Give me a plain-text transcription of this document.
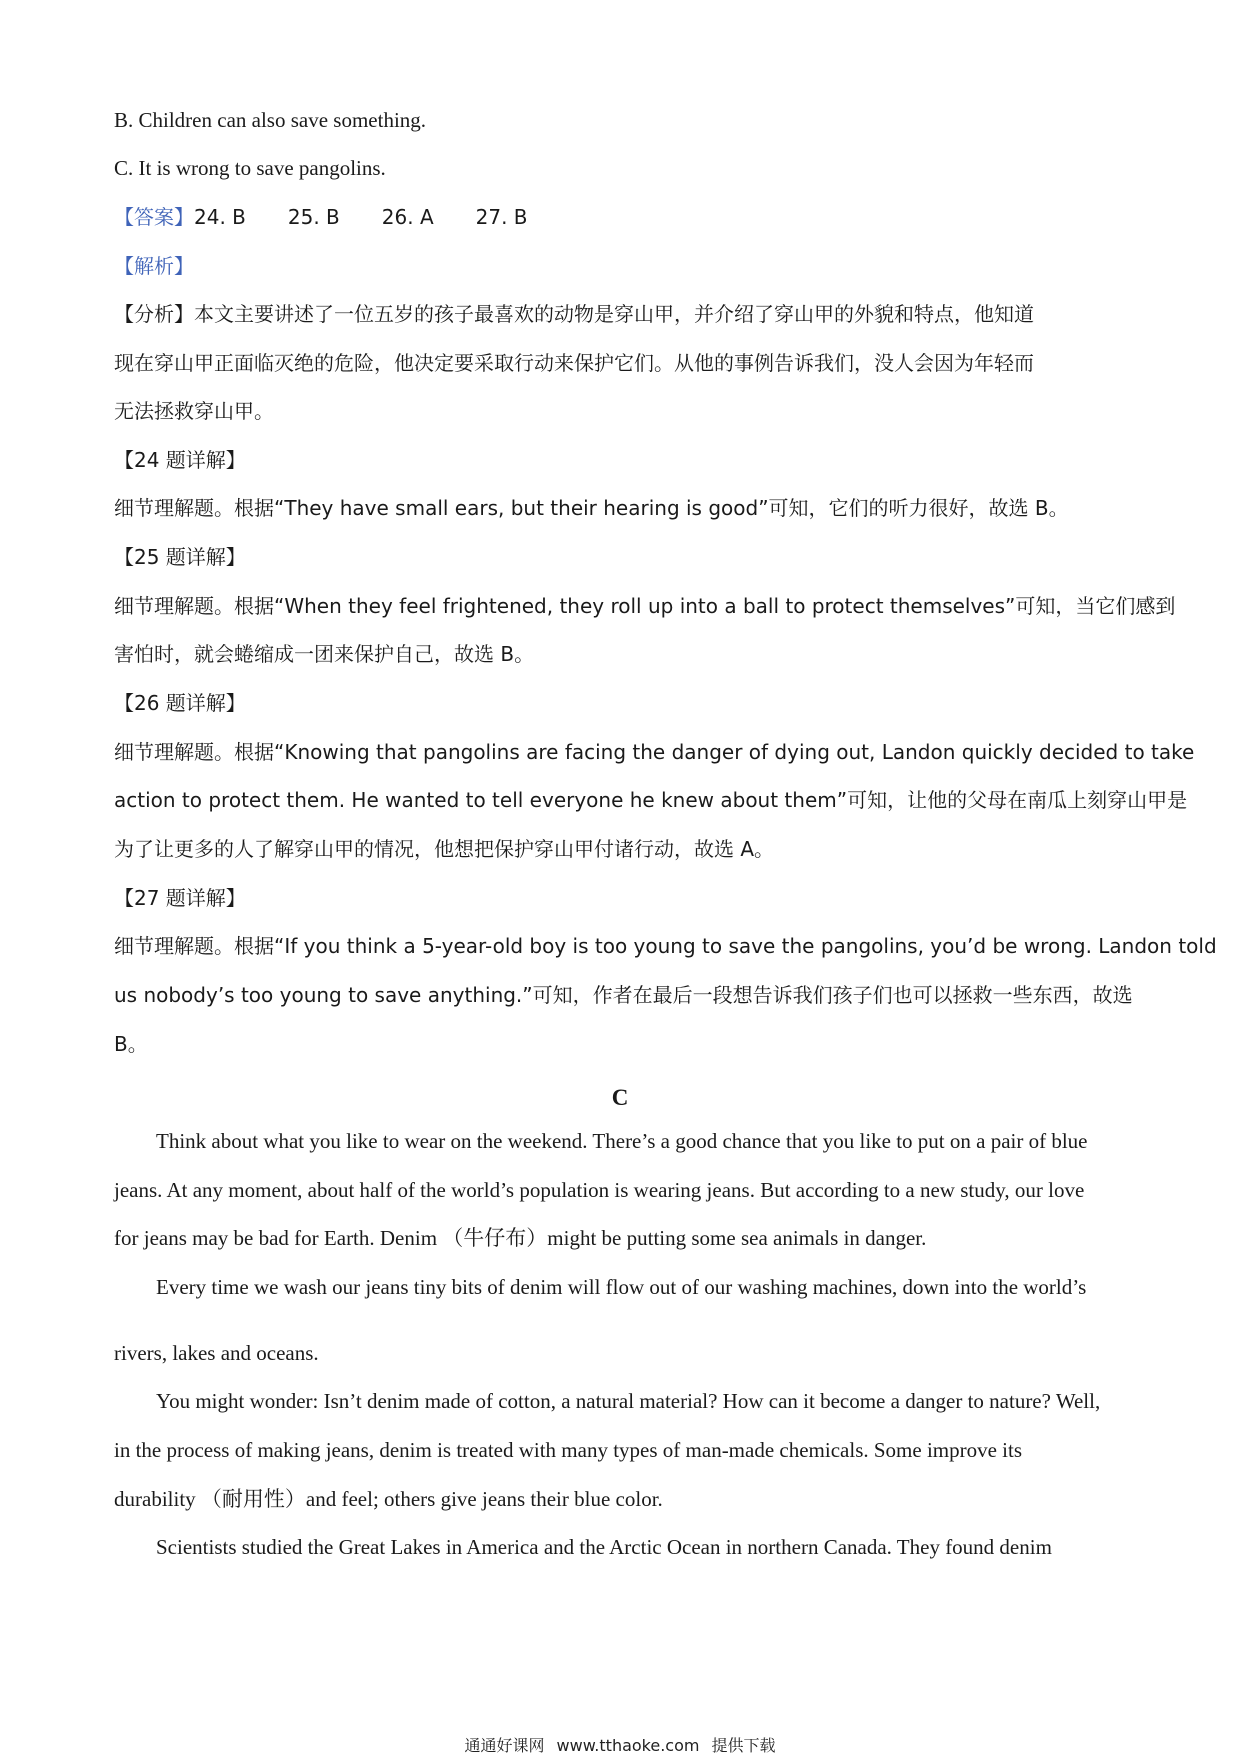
B. Children can also save something.
C. It is wrong to save pangolins.
【答案】24. B 25. B 26. A 27. B
【解析】
【分析】本文主要讲述了一位五岁的孩子最喜欢的动物是穿山甲，并介绍了穿山甲的外貌和特点，他知道
现在穿山甲正面临灭绝的危险，他决定要采取行动来保护它们。从他的事例告诉我们，没人会因为年轻而
无法拯救穿山甲。
【24 题详解】
细节理解题。根据“They have small ears, but their hearing is good”可知，它们的听力很好，故选 B。
【25 题详解】
细节理解题。根据“When they feel frightened, they roll up into a ball to protect themselves”可知，当它们感到
害怕时，就会蜷缩成一团来保护自己，故选 B。
【26 题详解】
细节理解题。根据“Knowing that pangolins are facing the danger of dying out, Landon quickly decided to take
action to protect them. He wanted to tell everyone he knew about them”可知，让他的父母在南瓜上刻穿山甲是
为了让更多的人了解穿山甲的情况，他想把保护穿山甲付诸行动，故选 A。
【27 题详解】
细节理解题。根据“If you think a 5-year-old boy is too young to save the pangolins, you’d be wrong. Landon told
us nobody’s too young to save anything.”可知，作者在最后一段想告诉我们孩子们也可以拯救一些东西，故选
B。
C
Think about what you like to wear on the weekend. There’s a good chance that you like to put on a pair of blue
jeans. At any moment, about half of the world’s population is wearing jeans. But according to a new study, our love
for jeans may be bad for Earth. Denim （牛仔布）might be putting some sea animals in danger.
Every time we wash our jeans tiny bits of denim will flow out of our washing machines, down into the world’s
rivers, lakes and oceans.
You might wonder: Isn’t denim made of cotton, a natural material? How can it become a danger to nature? Well,
in the process of making jeans, denim is treated with many types of man-made chemicals. Some improve its
durability （耐用性）and feel; others give jeans their blue color.
Scientists studied the Great Lakes in America and the Arctic Ocean in northern Canada. They found denim
通通好课网 www.tthaoke.com 提供下载
